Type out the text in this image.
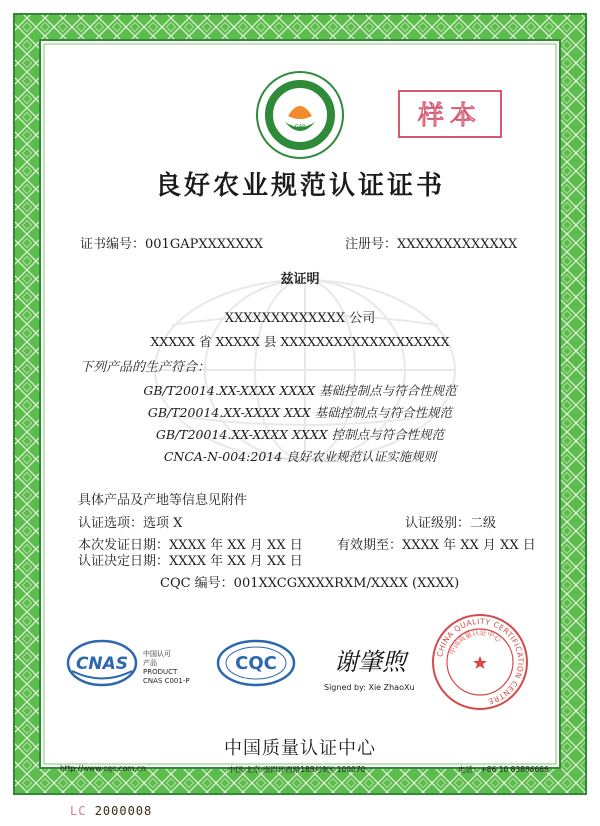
GAP	样本
良好农业规范认证证书
证书编号：001GAPXXXXXXX	注册号：XXXXXXXXXXXXX
兹证明
XXXXXXXXXXXXX 公司
XXXXX 省 XXXXX 县 XXXXXXXXXXXXXXXXXXX
下列产品的生产符合：
GB/T20014.XX-XXXX XXXX 基础控制点与符合性规范
GB/T20014.XX-XXXX XXX 基础控制点与符合性规范
GB/T20014.XX-XXXX XXXX 控制点与符合性规范
CNCA-N-004:2014 良好农业规范认证实施规则
具体产品及产地等信息见附件
认证选项：选项 X	认证级别：二级
本次发证日期：XXXX 年 XX 月 XX 日	有效期至：XXXX 年 XX 月 XX 日
认证决定日期：XXXX 年 XX 月 XX 日
CQC 编号：001XXCGXXXXRXM/XXXX (XXXX)
CNAS 中国认可
产品
PRODUCT
CNAS C001-P
CQC 谢肇煦
Signed by: Xie ZhaoXu
CHINA QUALITY CERTIFICATION CENTRE
中国质量认证中心
中国质量认证中心
http://www.cqc.com.cn	中国·北京·南四环西路188号9区 100070	电话：+86 10 83886666
LC 2000008
